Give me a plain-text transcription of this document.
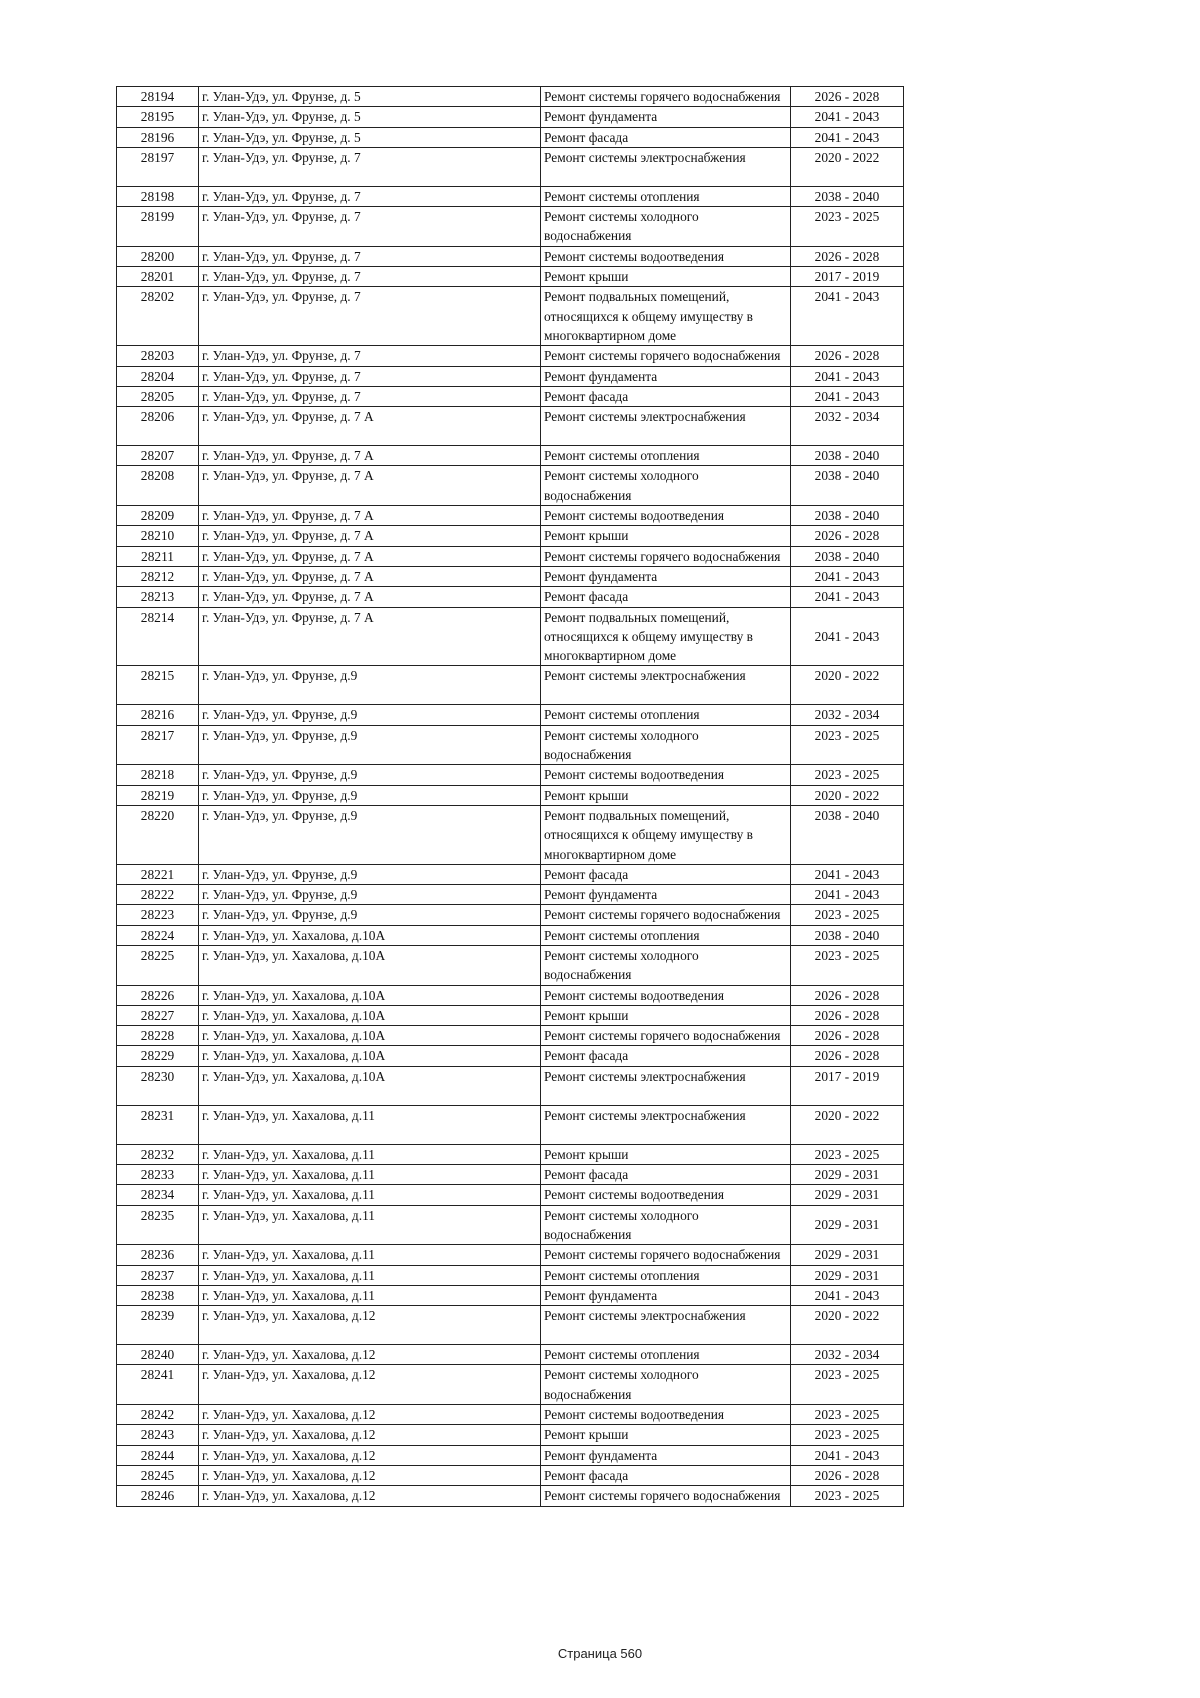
28194	г. Улан-Удэ, ул. Фрунзе, д. 5	Ремонт системы горячего водоснабжения	2026 - 2028
28195	г. Улан-Удэ, ул. Фрунзе, д. 5	Ремонт фундамента	2041 - 2043
28196	г. Улан-Удэ, ул. Фрунзе, д. 5	Ремонт фасада	2041 - 2043
28197	г. Улан-Удэ, ул. Фрунзе, д. 7	Ремонт системы электроснабжения	2020 - 2022
28198	г. Улан-Удэ, ул. Фрунзе, д. 7	Ремонт системы отопления	2038 - 2040
28199	г. Улан-Удэ, ул. Фрунзе, д. 7	Ремонт системы холодного водоснабжения	2023 - 2025
28200	г. Улан-Удэ, ул. Фрунзе, д. 7	Ремонт системы водоотведения	2026 - 2028
28201	г. Улан-Удэ, ул. Фрунзе, д. 7	Ремонт крыши	2017 - 2019
28202	г. Улан-Удэ, ул. Фрунзе, д. 7	Ремонт подвальных помещений, относящихся к общему имуществу в многоквартирном доме	2041 - 2043
28203	г. Улан-Удэ, ул. Фрунзе, д. 7	Ремонт системы горячего водоснабжения	2026 - 2028
28204	г. Улан-Удэ, ул. Фрунзе, д. 7	Ремонт фундамента	2041 - 2043
28205	г. Улан-Удэ, ул. Фрунзе, д. 7	Ремонт фасада	2041 - 2043
28206	г. Улан-Удэ, ул. Фрунзе, д. 7 А	Ремонт системы электроснабжения	2032 - 2034
28207	г. Улан-Удэ, ул. Фрунзе, д. 7 А	Ремонт системы отопления	2038 - 2040
28208	г. Улан-Удэ, ул. Фрунзе, д. 7 А	Ремонт системы холодного водоснабжения	2038 - 2040
28209	г. Улан-Удэ, ул. Фрунзе, д. 7 А	Ремонт системы водоотведения	2038 - 2040
28210	г. Улан-Удэ, ул. Фрунзе, д. 7 А	Ремонт крыши	2026 - 2028
28211	г. Улан-Удэ, ул. Фрунзе, д. 7 А	Ремонт системы горячего водоснабжения	2038 - 2040
28212	г. Улан-Удэ, ул. Фрунзе, д. 7 А	Ремонт фундамента	2041 - 2043
28213	г. Улан-Удэ, ул. Фрунзе, д. 7 А	Ремонт фасада	2041 - 2043
28214	г. Улан-Удэ, ул. Фрунзе, д. 7 А	Ремонт подвальных помещений, относящихся к общему имуществу в многоквартирном доме	2041 - 2043
28215	г. Улан-Удэ, ул. Фрунзе, д.9	Ремонт системы электроснабжения	2020 - 2022
28216	г. Улан-Удэ, ул. Фрунзе, д.9	Ремонт системы отопления	2032 - 2034
28217	г. Улан-Удэ, ул. Фрунзе, д.9	Ремонт системы холодного водоснабжения	2023 - 2025
28218	г. Улан-Удэ, ул. Фрунзе, д.9	Ремонт системы водоотведения	2023 - 2025
28219	г. Улан-Удэ, ул. Фрунзе, д.9	Ремонт крыши	2020 - 2022
28220	г. Улан-Удэ, ул. Фрунзе, д.9	Ремонт подвальных помещений, относящихся к общему имуществу в многоквартирном доме	2038 - 2040
28221	г. Улан-Удэ, ул. Фрунзе, д.9	Ремонт фасада	2041 - 2043
28222	г. Улан-Удэ, ул. Фрунзе, д.9	Ремонт фундамента	2041 - 2043
28223	г. Улан-Удэ, ул. Фрунзе, д.9	Ремонт системы горячего водоснабжения	2023 - 2025
28224	г. Улан-Удэ, ул. Хахалова, д.10А	Ремонт системы отопления	2038 - 2040
28225	г. Улан-Удэ, ул. Хахалова, д.10А	Ремонт системы холодного водоснабжения	2023 - 2025
28226	г. Улан-Удэ, ул. Хахалова, д.10А	Ремонт системы водоотведения	2026 - 2028
28227	г. Улан-Удэ, ул. Хахалова, д.10А	Ремонт крыши	2026 - 2028
28228	г. Улан-Удэ, ул. Хахалова, д.10А	Ремонт системы горячего водоснабжения	2026 - 2028
28229	г. Улан-Удэ, ул. Хахалова, д.10А	Ремонт фасада	2026 - 2028
28230	г. Улан-Удэ, ул. Хахалова, д.10А	Ремонт системы электроснабжения	2017 - 2019
28231	г. Улан-Удэ, ул. Хахалова, д.11	Ремонт системы электроснабжения	2020 - 2022
28232	г. Улан-Удэ, ул. Хахалова, д.11	Ремонт крыши	2023 - 2025
28233	г. Улан-Удэ, ул. Хахалова, д.11	Ремонт фасада	2029 - 2031
28234	г. Улан-Удэ, ул. Хахалова, д.11	Ремонт системы водоотведения	2029 - 2031
28235	г. Улан-Удэ, ул. Хахалова, д.11	Ремонт системы холодного водоснабжения	2029 - 2031
28236	г. Улан-Удэ, ул. Хахалова, д.11	Ремонт системы горячего водоснабжения	2029 - 2031
28237	г. Улан-Удэ, ул. Хахалова, д.11	Ремонт системы отопления	2029 - 2031
28238	г. Улан-Удэ, ул. Хахалова, д.11	Ремонт фундамента	2041 - 2043
28239	г. Улан-Удэ, ул. Хахалова, д.12	Ремонт системы электроснабжения	2020 - 2022
28240	г. Улан-Удэ, ул. Хахалова, д.12	Ремонт системы отопления	2032 - 2034
28241	г. Улан-Удэ, ул. Хахалова, д.12	Ремонт системы холодного водоснабжения	2023 - 2025
28242	г. Улан-Удэ, ул. Хахалова, д.12	Ремонт системы водоотведения	2023 - 2025
28243	г. Улан-Удэ, ул. Хахалова, д.12	Ремонт крыши	2023 - 2025
28244	г. Улан-Удэ, ул. Хахалова, д.12	Ремонт фундамента	2041 - 2043
28245	г. Улан-Удэ, ул. Хахалова, д.12	Ремонт фасада	2026 - 2028
28246	г. Улан-Удэ, ул. Хахалова, д.12	Ремонт системы горячего водоснабжения	2023 - 2025
Страница 560
